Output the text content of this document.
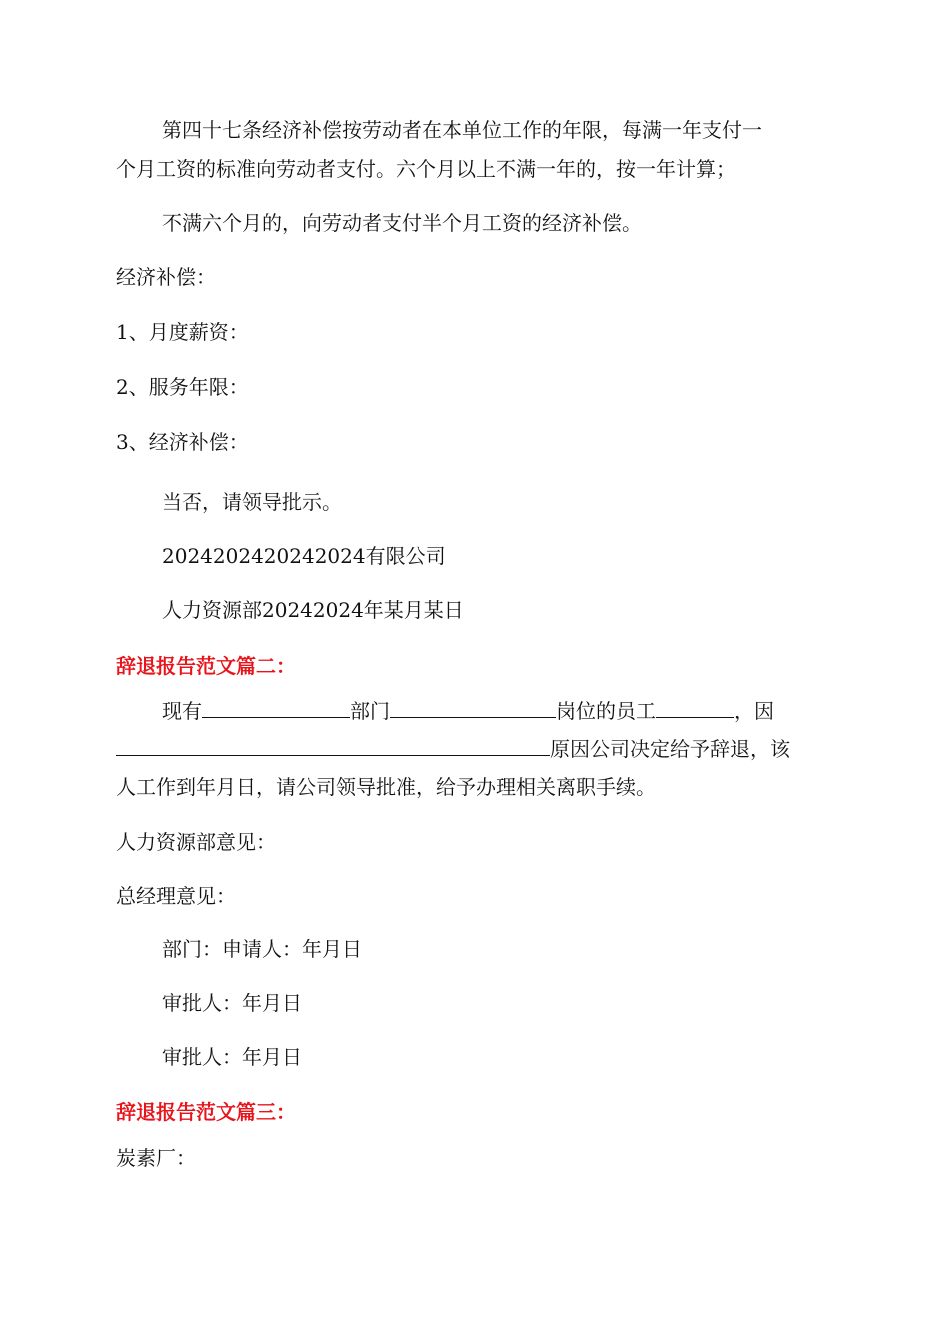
第四十七条经济补偿按劳动者在本单位工作的年限，每满一年支付一
个月工资的标准向劳动者支付。六个月以上不满一年的，按一年计算；
不满六个月的，向劳动者支付半个月工资的经济补偿。
经济补偿：
1、月度薪资：
2、服务年限：
3、经济补偿：
当否，请领导批示。
2024202420242024有限公司
人力资源部20242024年某月某日
辞退报告范文篇二：
现有	部门	岗位的员工	，因
原因公司决定给予辞退，该
人工作到年月日，请公司领导批准，给予办理相关离职手续。
人力资源部意见：
总经理意见：
部门：申请人：年月日
审批人：年月日
审批人：年月日
辞退报告范文篇三：
炭素厂：
